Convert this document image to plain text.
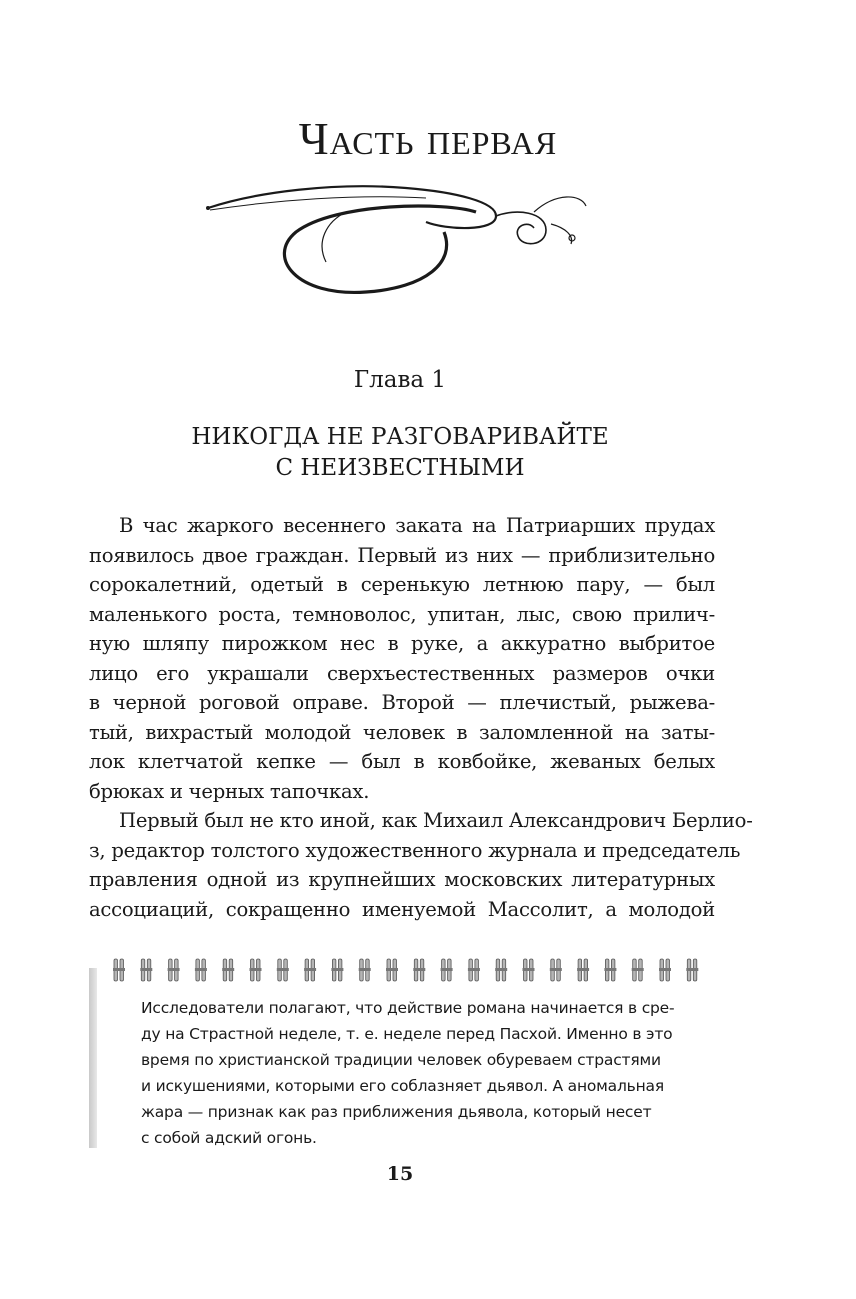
Часть первая
Глава 1
НИКОГДА НЕ РАЗГОВАРИВАЙТЕ
С НЕИЗВЕСТНЫМИ
В час жаркого весеннего заката на Патриарших прудах
появилось двое граждан. Первый из них — приблизительно
сорокалетний, одетый в серенькую летнюю пару, — был
маленького роста, темноволос, упитан, лыс, свою прилич-
ную шляпу пирожком нес в руке, а аккуратно выбритое
лицо его украшали сверхъестественных размеров очки
в черной роговой оправе. Второй — плечистый, рыжева-
тый, вихрастый молодой человек в заломленной на заты-
лок клетчатой кепке — был в ковбойке, жеваных белых
брюках и черных тапочках.
Первый был не кто иной, как Михаил Александрович Берлио-
з, редактор толстого художественного журнала и председатель
правления одной из крупнейших московских литературных
ассоциаций, сокращенно именуемой Массолит, а молодой
Исследователи полагают, что действие романа начинается в сре-
ду на Страстной неделе, т. е. неделе перед Пасхой. Именно в это
время по христианской традиции человек обуреваем страстями
и искушениями, которыми его соблазняет дьявол. А аномальная
жара — признак как раз приближения дьявола, который несет
с собой адский огонь.
15
